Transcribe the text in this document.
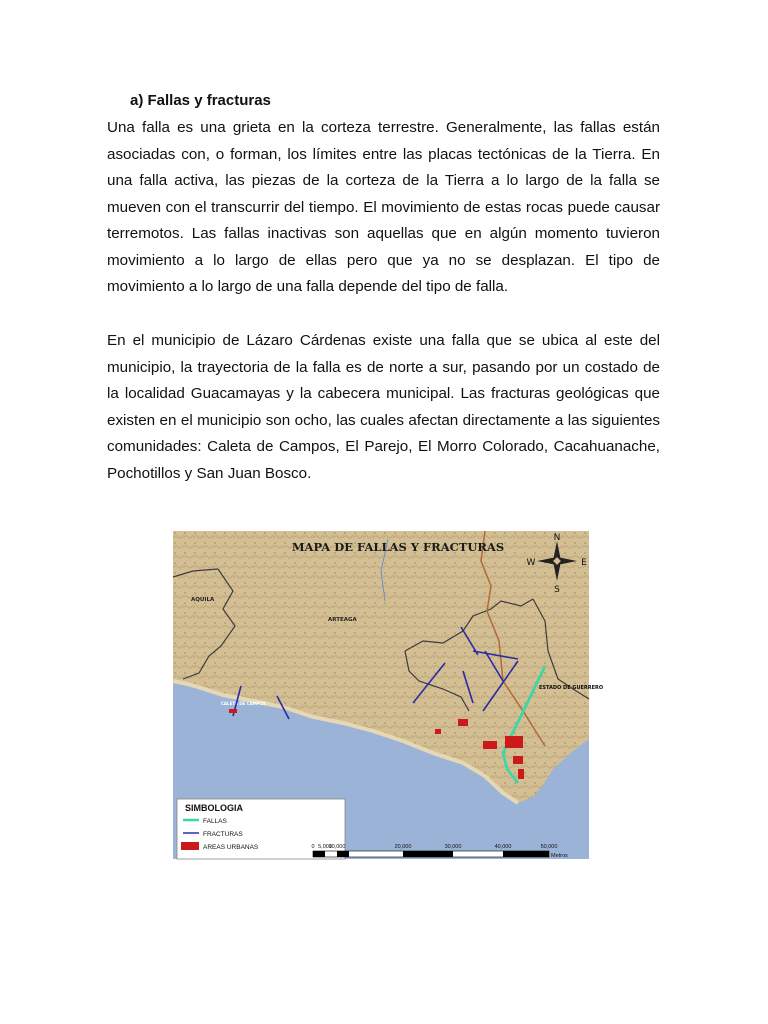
a) Fallas y fracturas

Una falla es una grieta en la corteza terrestre. Generalmente, las fallas están asociadas con, o forman, los límites entre las placas tectónicas de la Tierra. En una falla activa, las piezas de la corteza de la Tierra a lo largo de la falla se mueven con el transcurrir del tiempo. El movimiento de estas rocas puede causar terremotos. Las fallas inactivas son aquellas que en algún momento tuvieron movimiento a lo largo de ellas pero que ya no se desplazan. El tipo de movimiento a lo largo de una falla depende del tipo de falla.

En el municipio de Lázaro Cárdenas existe una falla que se ubica al este del municipio, la trayectoria de la falla es de norte a sur, pasando por un costado de la localidad Guacamayas y la cabecera municipal. Las fracturas geológicas que existen en el municipio son ocho, las cuales afectan directamente a las siguientes comunidades: Caleta de Campos, El Parejo, El Morro Colorado, Cacahuanache, Pochotillos y San Juan Bosco.

MAPA DE FALLAS Y FRACTURAS
N
S
W	E
AQUILA
ARTEAGA
ESTADO DE GUERRERO
CALETA DE CAMPOS
SIMBOLOGIA
FALLAS
FRACTURAS
AREAS URBANAS	0 5,000
10,000	20,000	30,000	40,000	50,000
Metros
